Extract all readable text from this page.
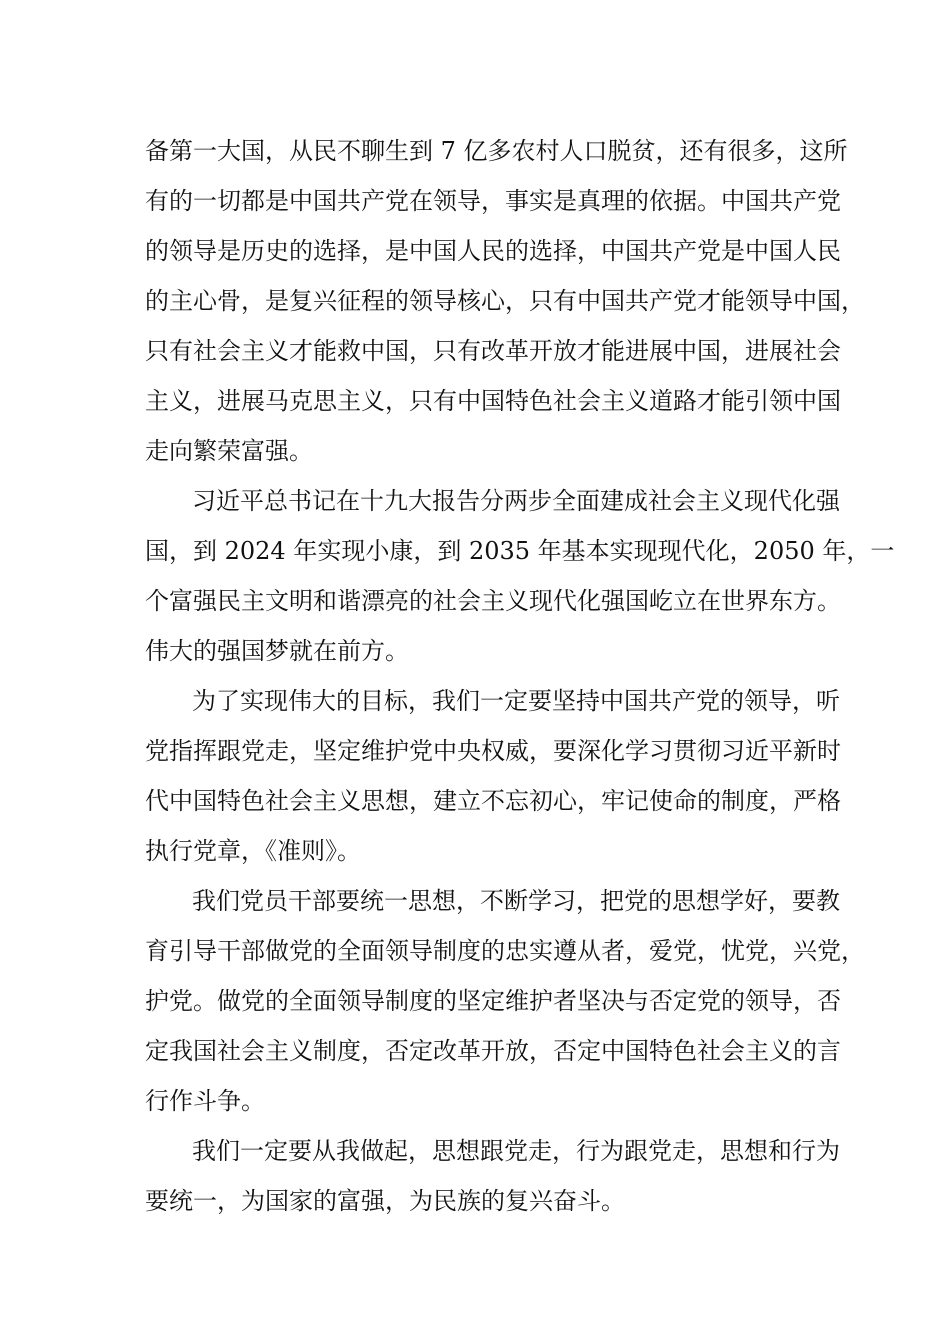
备第一大国，从民不聊生到 7 亿多农村人口脱贫，还有很多，这所
有的一切都是中国共产党在领导，事实是真理的依据。中国共产党
的领导是历史的选择，是中国人民的选择，中国共产党是中国人民
的主心骨，是复兴征程的领导核心，只有中国共产党才能领导中国，
只有社会主义才能救中国，只有改革开放才能进展中国，进展社会
主义，进展马克思主义，只有中国特色社会主义道路才能引领中国
走向繁荣富强。
习近平总书记在十九大报告分两步全面建成社会主义现代化强
国，到 2024 年实现小康，到 2035 年基本实现现代化，2050 年，一
个富强民主文明和谐漂亮的社会主义现代化强国屹立在世界东方。
伟大的强国梦就在前方。
为了实现伟大的目标，我们一定要坚持中国共产党的领导，听
党指挥跟党走，坚定维护党中央权威，要深化学习贯彻习近平新时
代中国特色社会主义思想，建立不忘初心，牢记使命的制度，严格
执行党章，《准则》。
我们党员干部要统一思想，不断学习，把党的思想学好，要教
育引导干部做党的全面领导制度的忠实遵从者，爱党，忧党，兴党，
护党。做党的全面领导制度的坚定维护者坚决与否定党的领导，否
定我国社会主义制度，否定改革开放，否定中国特色社会主义的言
行作斗争。
我们一定要从我做起，思想跟党走，行为跟党走，思想和行为
要统一，为国家的富强，为民族的复兴奋斗。
